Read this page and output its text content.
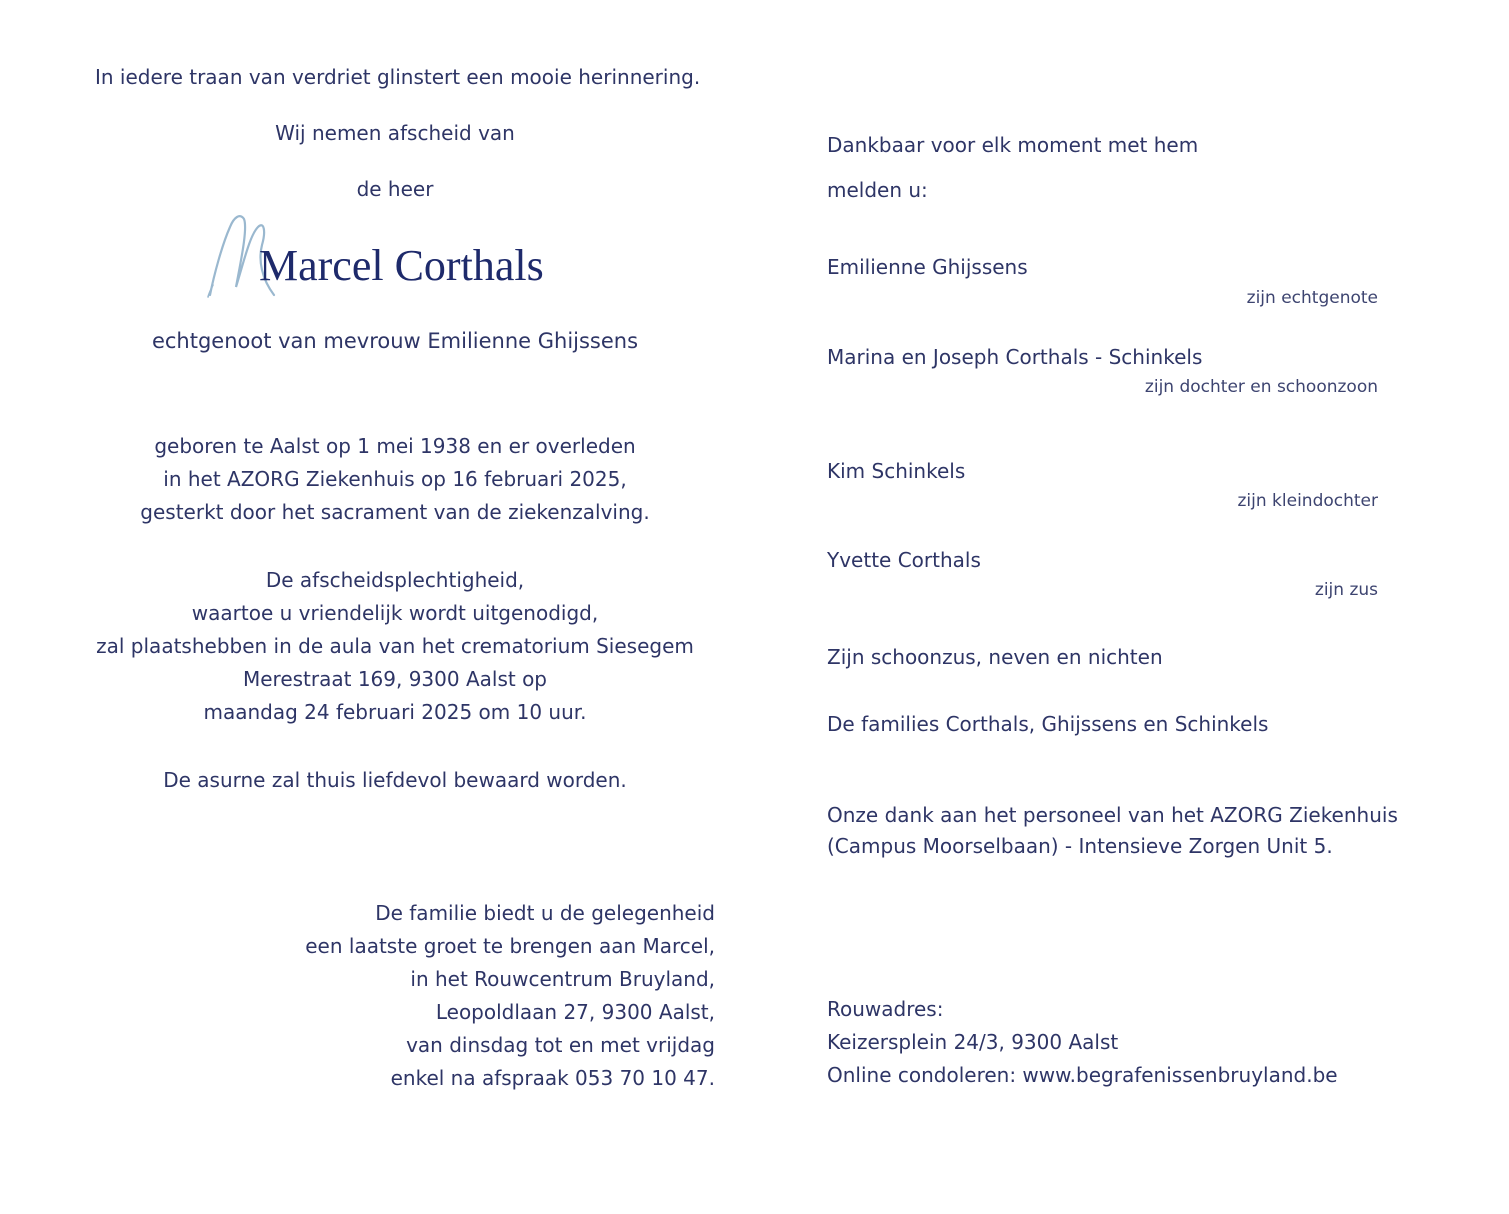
In iedere traan van verdriet glinstert een mooie herinnering.
Wij nemen afscheid van
de heer
Marcel Corthals
echtgenoot van mevrouw Emilienne Ghijssens
geboren te Aalst op 1 mei 1938 en er overleden
in het AZORG Ziekenhuis op 16 februari 2025,
gesterkt door het sacrament van de ziekenzalving.
De afscheidsplechtigheid,
waartoe u vriendelijk wordt uitgenodigd,
zal plaatshebben in de aula van het crematorium Siesegem
Merestraat 169, 9300 Aalst op
maandag 24 februari 2025 om 10 uur.
De asurne zal thuis liefdevol bewaard worden.
De familie biedt u de gelegenheid
een laatste groet te brengen aan Marcel,
in het Rouwcentrum Bruyland,
Leopoldlaan 27, 9300 Aalst,
van dinsdag tot en met vrijdag
enkel na afspraak 053 70 10 47.
Dankbaar voor elk moment met hem
melden u:
Emilienne Ghijssens
zijn echtgenote
Marina en Joseph Corthals - Schinkels
zijn dochter en schoonzoon
Kim Schinkels
zijn kleindochter
Yvette Corthals
zijn zus
Zijn schoonzus, neven en nichten
De families Corthals, Ghijssens en Schinkels
Onze dank aan het personeel van het AZORG Ziekenhuis
(Campus Moorselbaan) - Intensieve Zorgen Unit 5.
Rouwadres:
Keizersplein 24/3, 9300 Aalst
Online condoleren: www.begrafenissenbruyland.be
